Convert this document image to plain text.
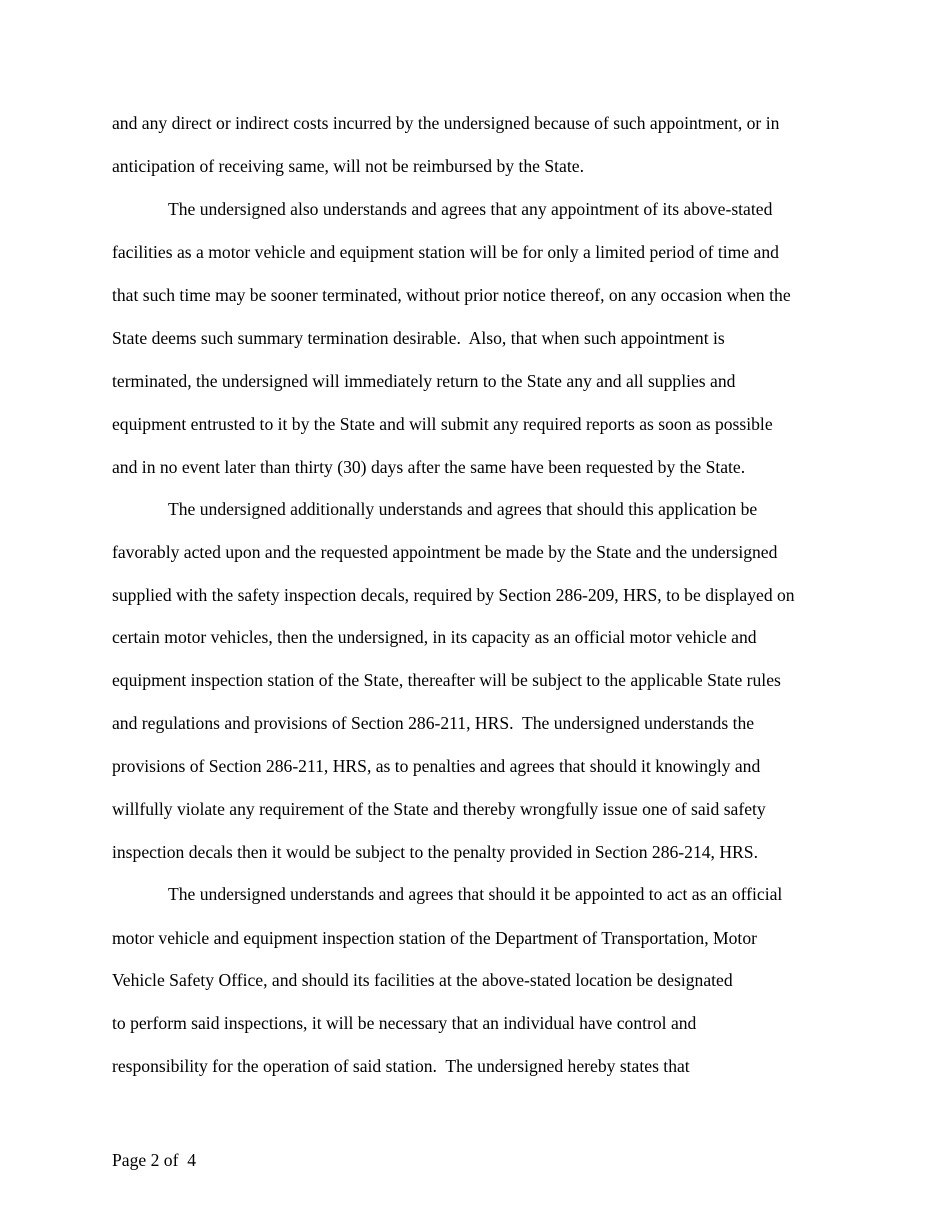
and any direct or indirect costs incurred by the undersigned because of such appointment, or in
anticipation of receiving same, will not be reimbursed by the State.
The undersigned also understands and agrees that any appointment of its above-stated
facilities as a motor vehicle and equipment station will be for only a limited period of time and
that such time may be sooner terminated, without prior notice thereof, on any occasion when the
State deems such summary termination desirable.  Also, that when such appointment is
terminated, the undersigned will immediately return to the State any and all supplies and
equipment entrusted to it by the State and will submit any required reports as soon as possible
and in no event later than thirty (30) days after the same have been requested by the State.
The undersigned additionally understands and agrees that should this application be
favorably acted upon and the requested appointment be made by the State and the undersigned
supplied with the safety inspection decals, required by Section 286-209, HRS, to be displayed on
certain motor vehicles, then the undersigned, in its capacity as an official motor vehicle and
equipment inspection station of the State, thereafter will be subject to the applicable State rules
and regulations and provisions of Section 286-211, HRS.  The undersigned understands the
provisions of Section 286-211, HRS, as to penalties and agrees that should it knowingly and
willfully violate any requirement of the State and thereby wrongfully issue one of said safety
inspection decals then it would be subject to the penalty provided in Section 286-214, HRS.
The undersigned understands and agrees that should it be appointed to act as an official
motor vehicle and equipment inspection station of the Department of Transportation, Motor
Vehicle Safety Office, and should its facilities at the above-stated location be designated
to perform said inspections, it will be necessary that an individual have control and
responsibility for the operation of said station.  The undersigned hereby states that
Page 2 of  4
